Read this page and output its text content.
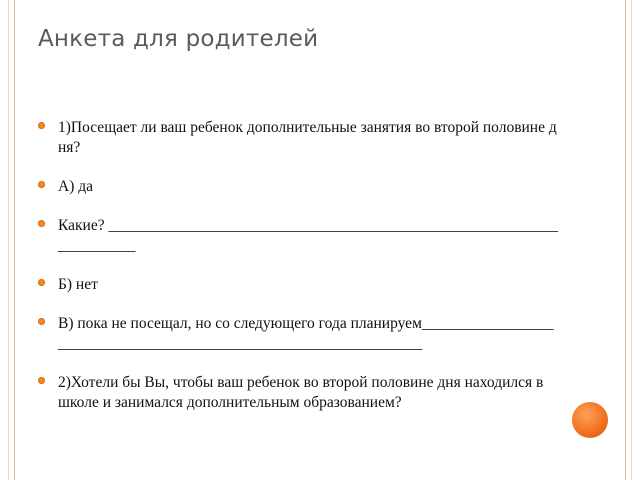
Анкета для родителей
1)Посещает ли ваш ребенок дополнительные занятия во второй половине дня?
А) да
Какие? ____________________________________________________________________
Б) нет
В) пока не посещал, но со следующего года планируем________________________________________________________________
2)Хотели бы Вы, чтобы ваш ребенок во второй половине дня находился в школе и занимался дополнительным образованием?
